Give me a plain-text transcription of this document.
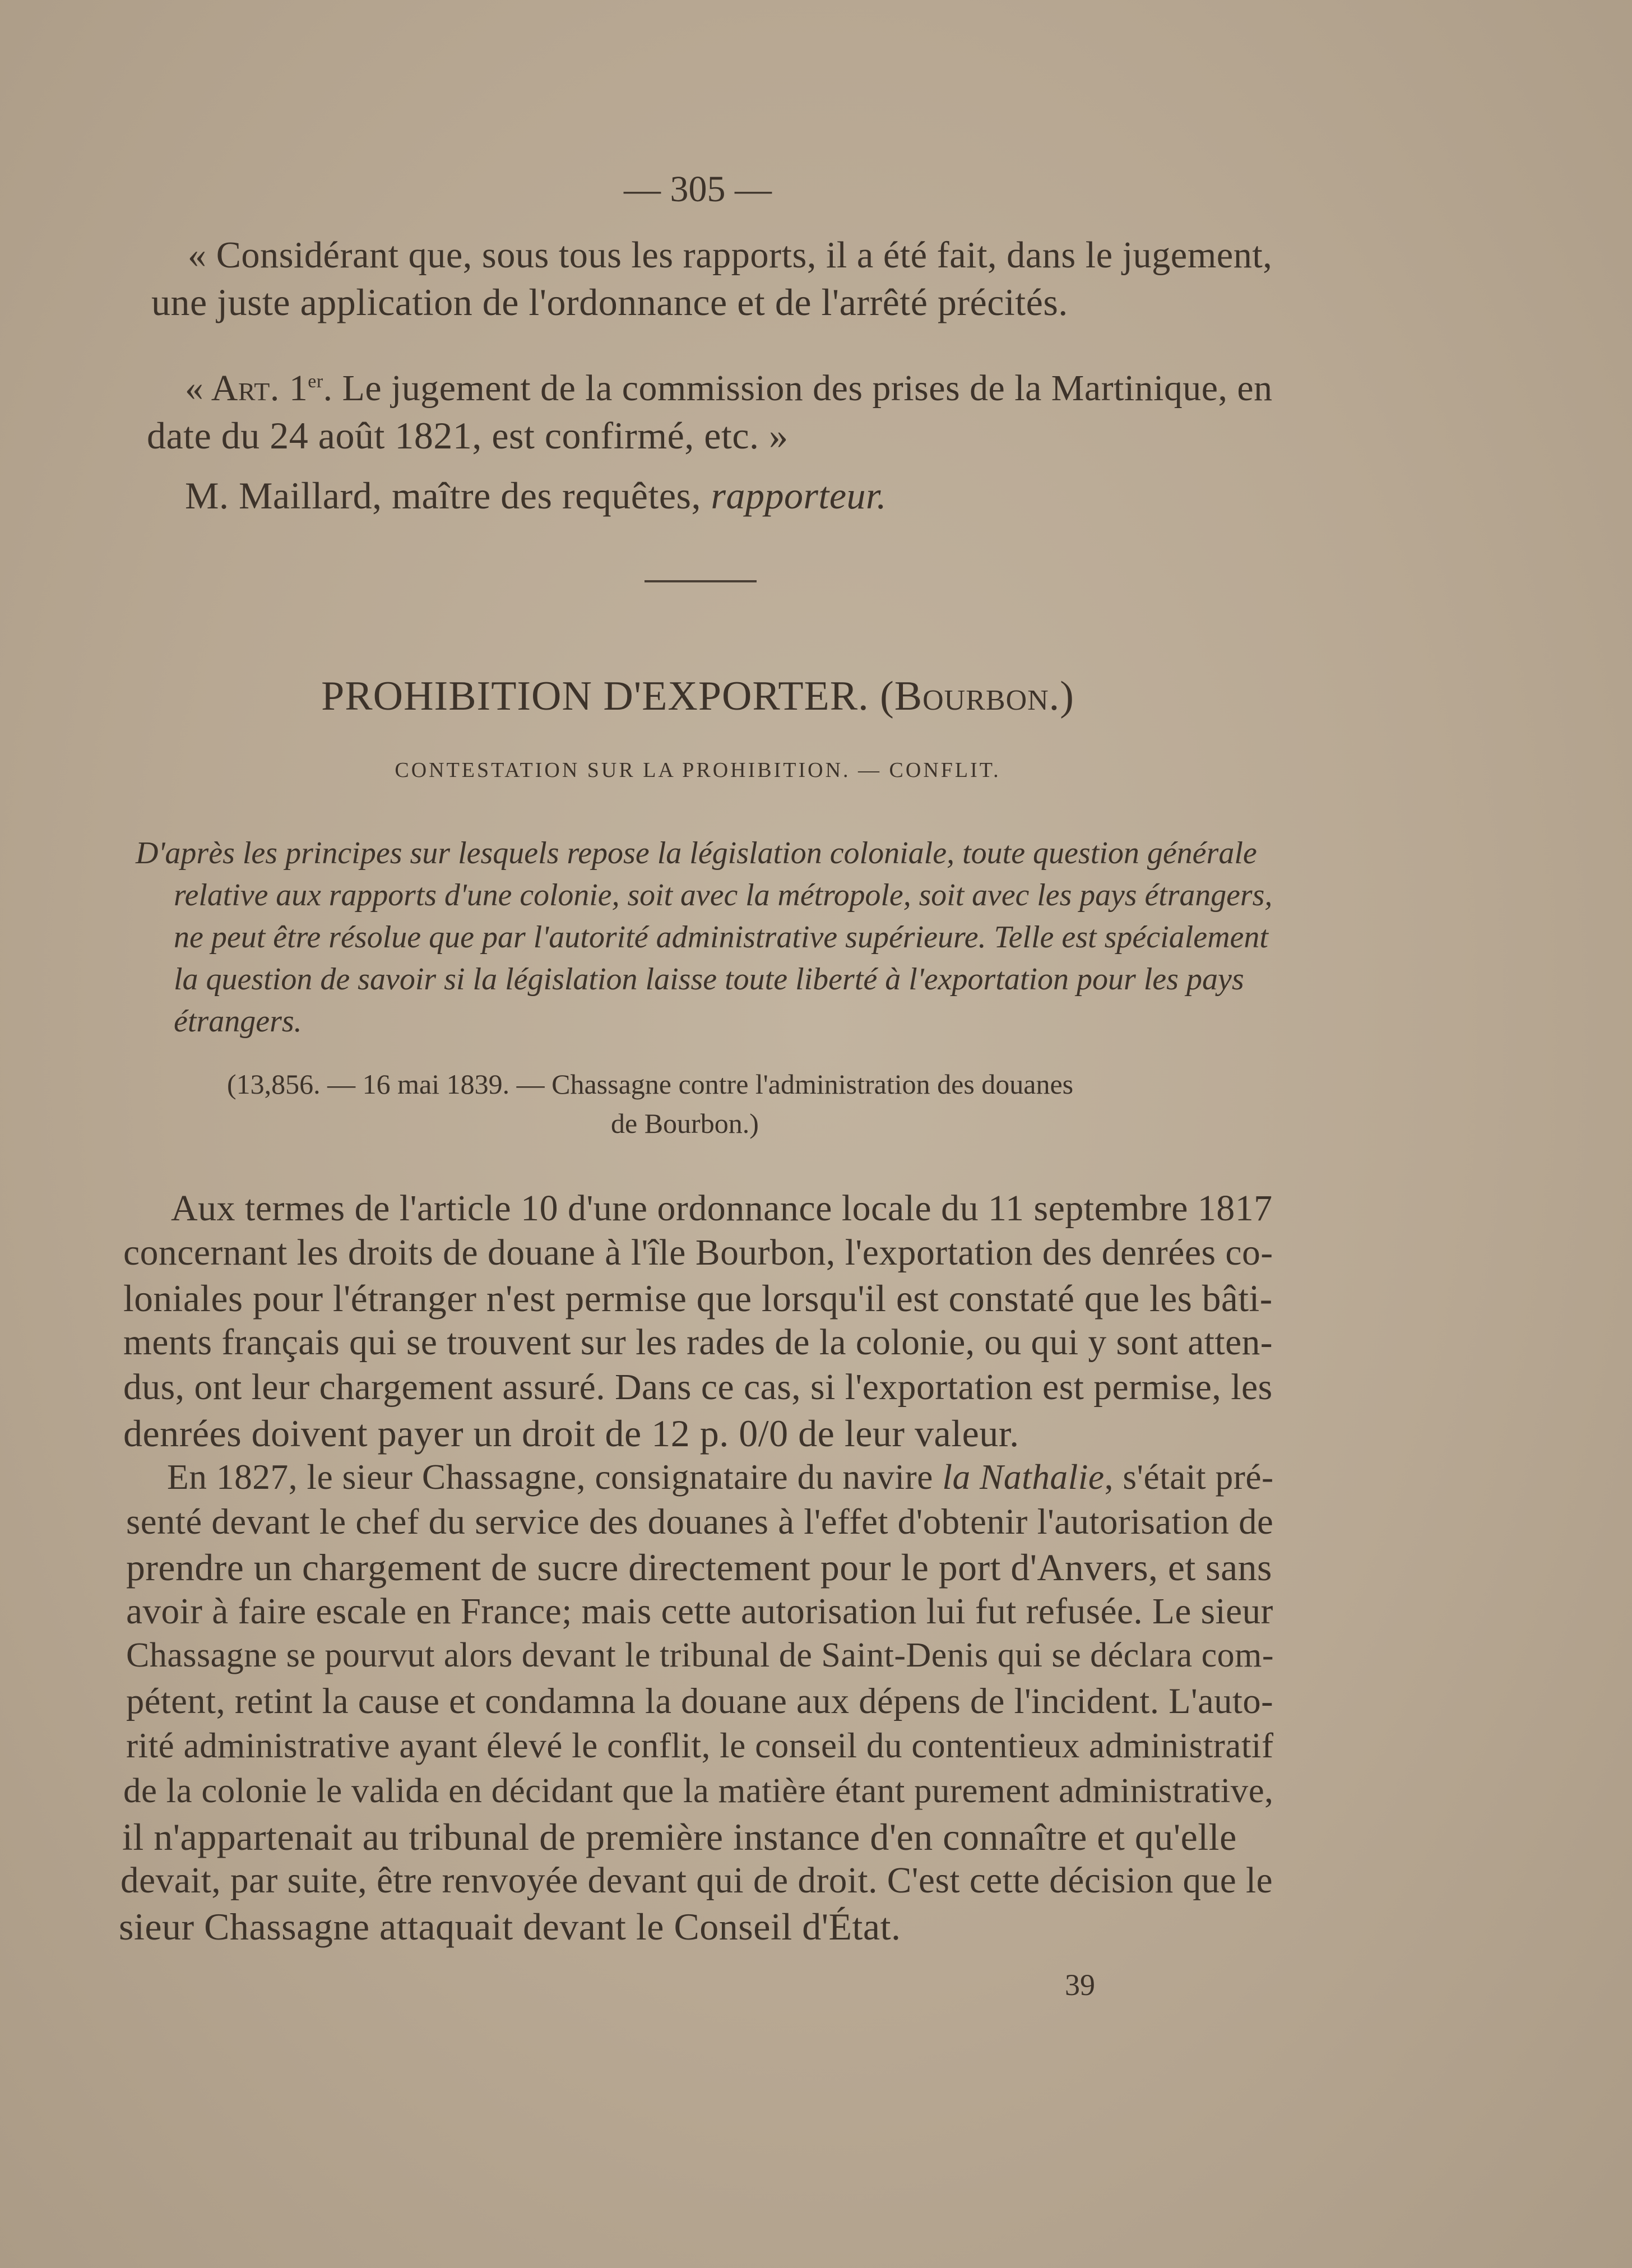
— 305 —
« Considérant que, sous tous les rapports, il a été fait, dans le jugement,
une juste application de l'ordonnance et de l'arrêté précités.
« Art. 1er. Le jugement de la commission des prises de la Martinique, en
date du 24 août 1821, est confirmé, etc. »
M. Maillard, maître des requêtes, rapporteur.
PROHIBITION D'EXPORTER. (Bourbon.)
CONTESTATION SUR LA PROHIBITION. — CONFLIT.
D'après les principes sur lesquels repose la législation coloniale, toute question générale
relative aux rapports d'une colonie, soit avec la métropole, soit avec les pays étrangers,
ne peut être résolue que par l'autorité administrative supérieure. Telle est spécialement
la question de savoir si la législation laisse toute liberté à l'exportation pour les pays
étrangers.
(13,856. — 16 mai 1839. — Chassagne contre l'administration des douanes
de Bourbon.)
Aux termes de l'article 10 d'une ordonnance locale du 11 septembre 1817
concernant les droits de douane à l'île Bourbon, l'exportation des denrées co-
loniales pour l'étranger n'est permise que lorsqu'il est constaté que les bâti-
ments français qui se trouvent sur les rades de la colonie, ou qui y sont atten-
dus, ont leur chargement assuré. Dans ce cas, si l'exportation est permise, les
denrées doivent payer un droit de 12 p. 0/0 de leur valeur.
En 1827, le sieur Chassagne, consignataire du navire la Nathalie, s'était pré-
senté devant le chef du service des douanes à l'effet d'obtenir l'autorisation de
prendre un chargement de sucre directement pour le port d'Anvers, et sans
avoir à faire escale en France; mais cette autorisation lui fut refusée. Le sieur
Chassagne se pourvut alors devant le tribunal de Saint-Denis qui se déclara com-
pétent, retint la cause et condamna la douane aux dépens de l'incident. L'auto-
rité administrative ayant élevé le conflit, le conseil du contentieux administratif
de la colonie le valida en décidant que la matière étant purement administrative,
il n'appartenait au tribunal de première instance d'en connaître et qu'elle
devait, par suite, être renvoyée devant qui de droit. C'est cette décision que le
sieur Chassagne attaquait devant le Conseil d'État.
39
